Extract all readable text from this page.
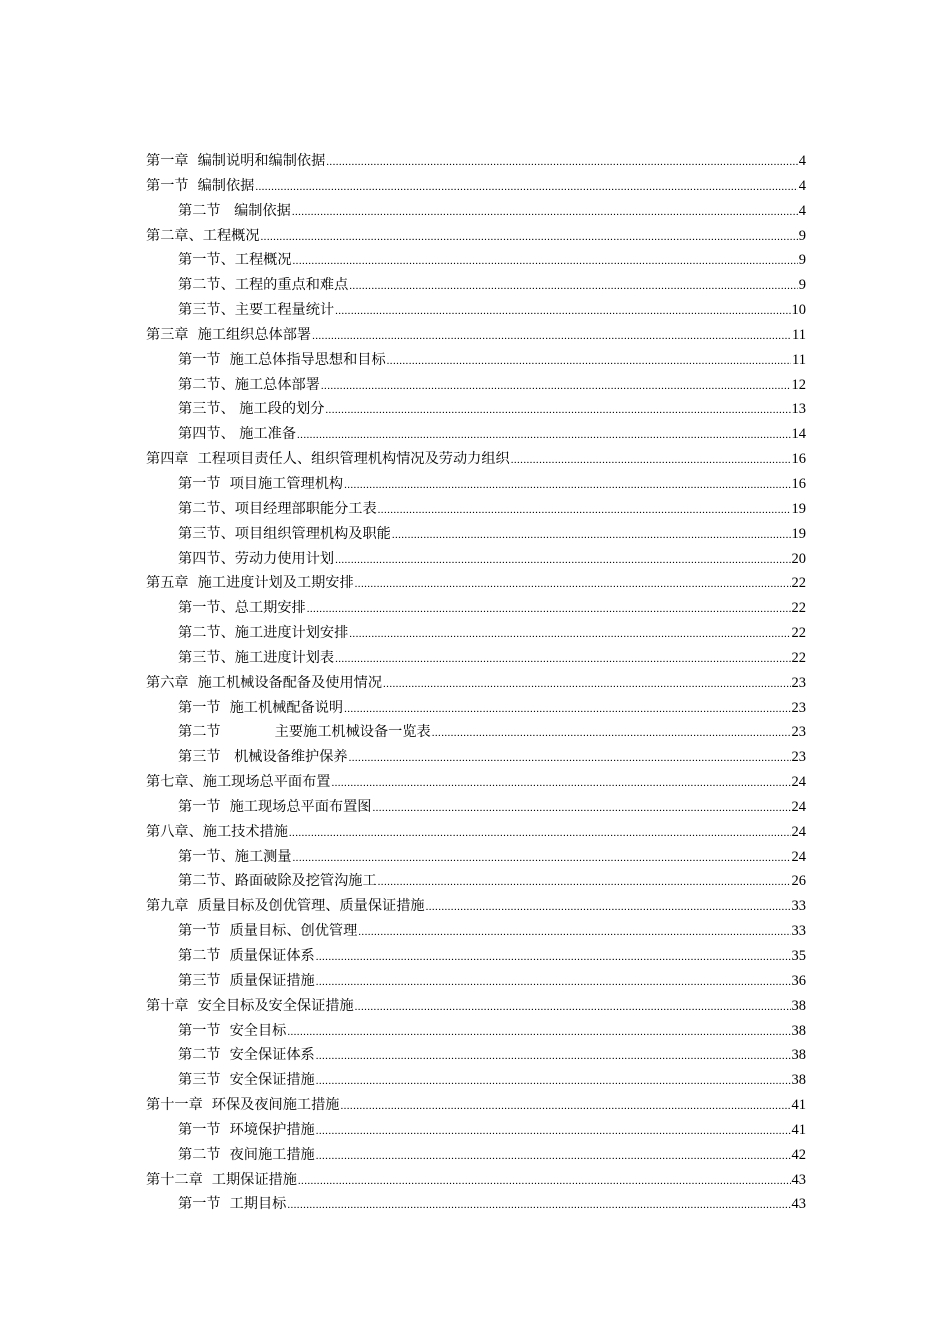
第一章  编制说明和编制依据 .....	4
第一节  编制依据 .....	4
第二节   编制依据 .....	4
第二章、工程概况 .....	9
第一节、工程概况 .....	9
第二节、工程的重点和难点 .....	9
第三节、主要工程量统计 .....	10
第三章  施工组织总体部署 .....	11
第一节  施工总体指导思想和目标 .....	11
第二节、施工总体部署 .....	12
第三节、 施工段的划分 .....	13
第四节、 施工准备 .....	14
第四章  工程项目责任人、组织管理机构情况及劳动力组织 .....	16
第一节  项目施工管理机构 .....	16
第二节、项目经理部职能分工表 .....	19
第三节、项目组织管理机构及职能 .....	19
第四节、劳动力使用计划 .....	20
第五章  施工进度计划及工期安排 .....	22
第一节、总工期安排 .....	22
第二节、施工进度计划安排 .....	22
第三节、施工进度计划表 .....	22
第六章  施工机械设备配备及使用情况 .....	23
第一节  施工机械配备说明 .....	23
第二节            主要施工机械设备一览表 .....	23
第三节   机械设备维护保养 .....	23
第七章、施工现场总平面布置 .....	24
第一节  施工现场总平面布置图 .....	24
第八章、施工技术措施 .....	24
第一节、施工测量 .....	24
第二节、路面破除及挖管沟施工 .....	26
第九章  质量目标及创优管理、质量保证措施 .....	33
第一节  质量目标、创优管理 .....	33
第二节  质量保证体系 .....	35
第三节  质量保证措施 .....	36
第十章  安全目标及安全保证措施 .....	38
第一节  安全目标 .....	38
第二节  安全保证体系 .....	38
第三节  安全保证措施 .....	38
第十一章  环保及夜间施工措施 .....	41
第一节  环境保护措施 .....	41
第二节  夜间施工措施 .....	42
第十二章  工期保证措施 .....	43
第一节  工期目标 .....	43
